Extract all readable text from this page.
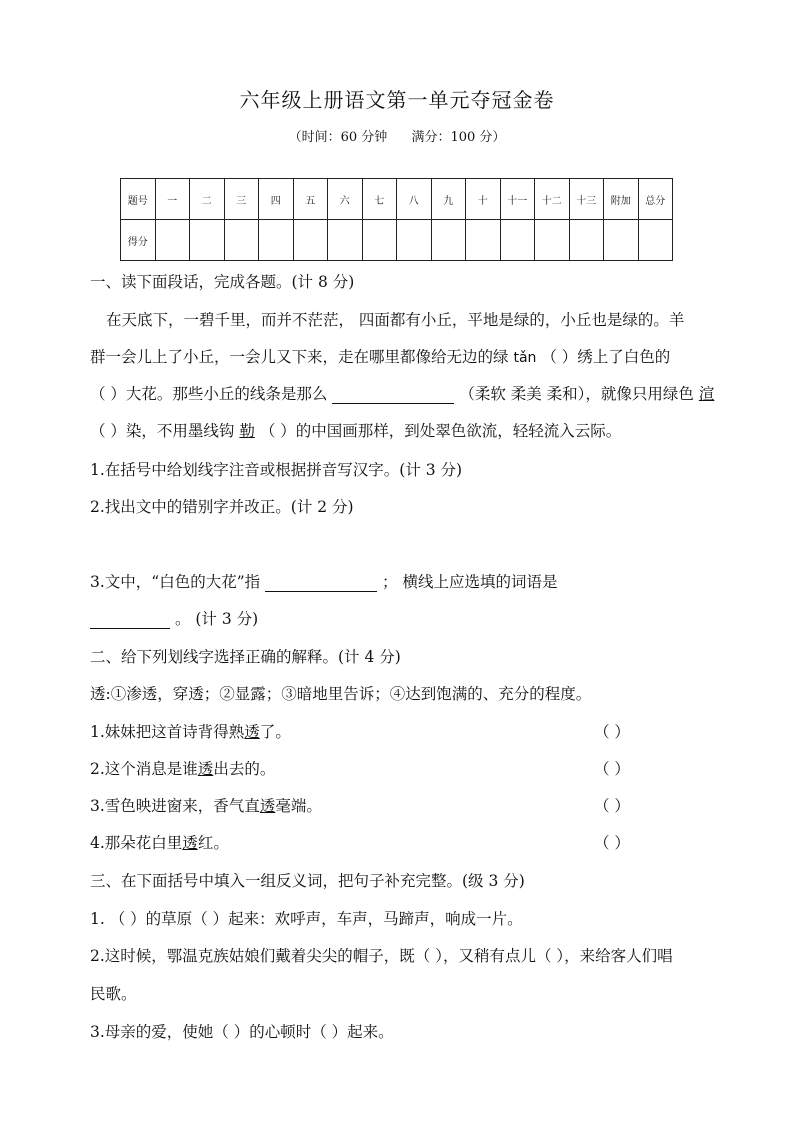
六年级上册语文第一单元夺冠金卷
（时间：60 分钟 满分：100 分）
题号	一	二	三	四	五	六	七	八	九	十	十一	十二	十三	附加	总分
得分															
一、读下面段话，完成各题。(计 8 分)
在天底下，一碧千里，而并不茫茫， 四面都有小丘，平地是绿的，小丘也是绿的。羊
群一会儿上了小丘，一会儿又下来，走在哪里都像给无边的绿 tǎn （ ）绣上了白色的
（ ）大花。那些小丘的线条是那么	（柔软 柔美 柔和），就像只用绿色 渲
（ ）染，不用墨线钩 勒 （ ）的中国画那样，到处翠色欲流，轻轻流入云际。
1.在括号中给划线字注音或根据拼音写汉字。(计 3 分)
2.找出文中的错别字并改正。(计 2 分)
3.文中，“白色的大花”指	； 横线上应选填的词语是
。 (计 3 分)
二、给下列划线字选择正确的解释。(计 4 分)
透:①渗透，穿透；②显露；③暗地里告诉；④达到饱满的、充分的程度。
1.妹妹把这首诗背得熟透了。	（ ）
2.这个消息是谁透出去的。	（ ）
3.雪色映进窗来，香气直透毫端。	（ ）
4.那朵花白里透红。	（ ）
三、在下面括号中填入一组反义词，把句子补充完整。(级 3 分)
1. （ ）的草原（ ）起来：欢呼声，车声，马蹄声，响成一片。
2.这时候，鄂温克族姑娘们戴着尖尖的帽子，既（ ），又稍有点儿（ ），来给客人们唱
民歌。
3.母亲的爱，使她（ ）的心顿时（ ）起来。
